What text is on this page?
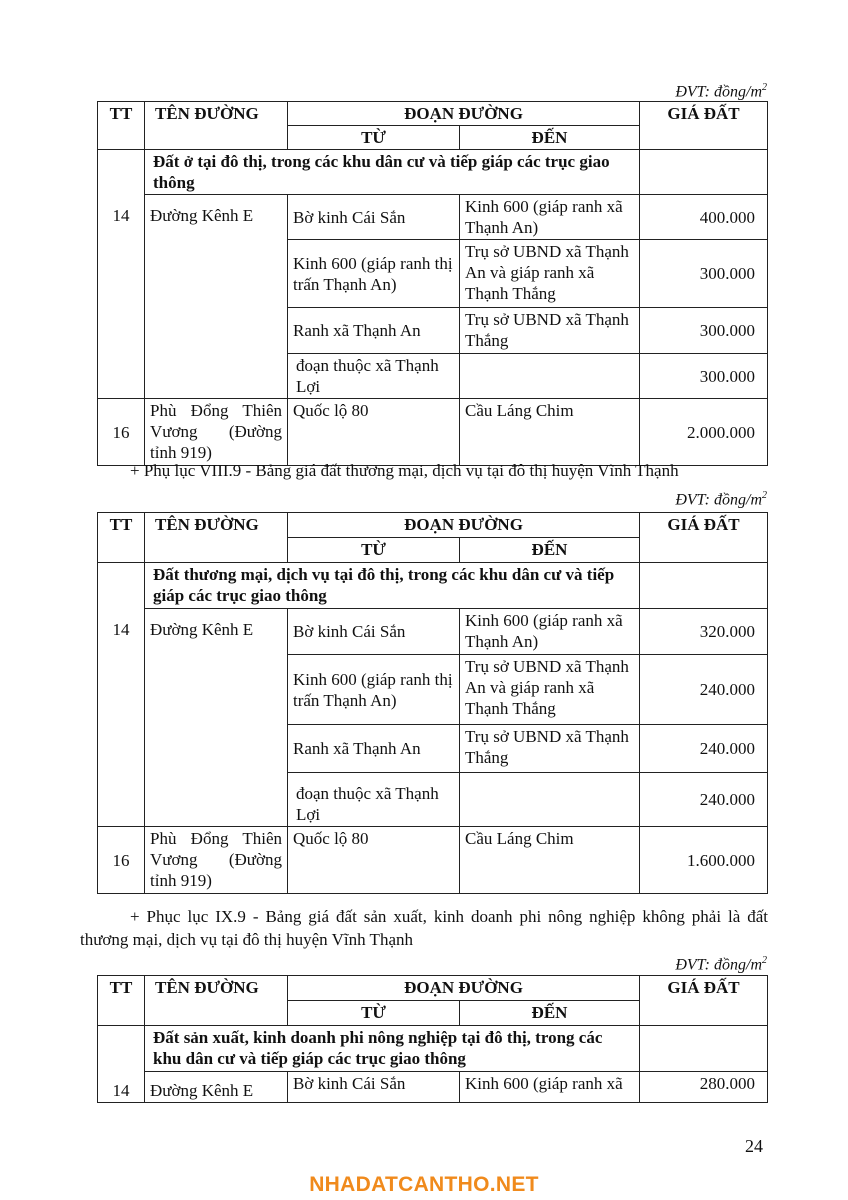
ĐVT: đồng/$m^2$
TT	TÊN ĐƯỜNG	ĐOẠN ĐƯỜNG		GIÁ ĐẤT
		TỪ	ĐẾN	
	Đất ở tại đô thị, trong các khu dân cư và tiếp giáp các trục giao thông			
14	Đường Kênh E	Bờ kinh Cái Sắn	Kinh 600 (giáp ranh xã Thạnh An)	400.000
		Kinh 600 (giáp ranh thị trấn Thạnh An)	Trụ sở UBND xã Thạnh An và giáp ranh xã Thạnh Thắng	300.000
		Ranh xã Thạnh An	Trụ sở UBND xã Thạnh Thắng	300.000
		đoạn thuộc xã Thạnh Lợi		300.000
16	Phù Đổng Thiên Vương (Đường tỉnh 919)	Quốc lộ 80	Cầu Láng Chim	2.000.000
+ Phụ lục VIII.9 - Bảng giá đất thương mại, dịch vụ tại đô thị huyện Vĩnh Thạnh
ĐVT: đồng/$m^2$
TT	TÊN ĐƯỜNG	ĐOẠN ĐƯỜNG		GIÁ ĐẤT
		TỪ	ĐẾN	
	Đất thương mại, dịch vụ tại đô thị, trong các khu dân cư và tiếp giáp các trục giao thông			
14	Đường Kênh E	Bờ kinh Cái Sắn	Kinh 600 (giáp ranh xã Thạnh An)	320.000
		Kinh 600 (giáp ranh thị trấn Thạnh An)	Trụ sở UBND xã Thạnh An và giáp ranh xã Thạnh Thắng	240.000
		Ranh xã Thạnh An	Trụ sở UBND xã Thạnh Thắng	240.000
		đoạn thuộc xã Thạnh Lợi		240.000
16	Phù Đổng Thiên Vương (Đường tỉnh 919)	Quốc lộ 80	Cầu Láng Chim	1.600.000
+ Phục lục IX.9 - Bảng giá đất sản xuất, kinh doanh phi nông nghiệp không phải là đất thương mại, dịch vụ tại đô thị huyện Vĩnh Thạnh
ĐVT: đồng/$m^2$
TT	TÊN ĐƯỜNG	ĐOẠN ĐƯỜNG		GIÁ ĐẤT
		TỪ	ĐẾN	
	Đất sản xuất, kinh doanh phi nông nghiệp tại đô thị, trong các khu dân cư và tiếp giáp các trục giao thông			
14	Đường Kênh E	Bờ kinh Cái Sắn	Kinh 600 (giáp ranh xã	280.000
24
NHADATCANTHO.NET
